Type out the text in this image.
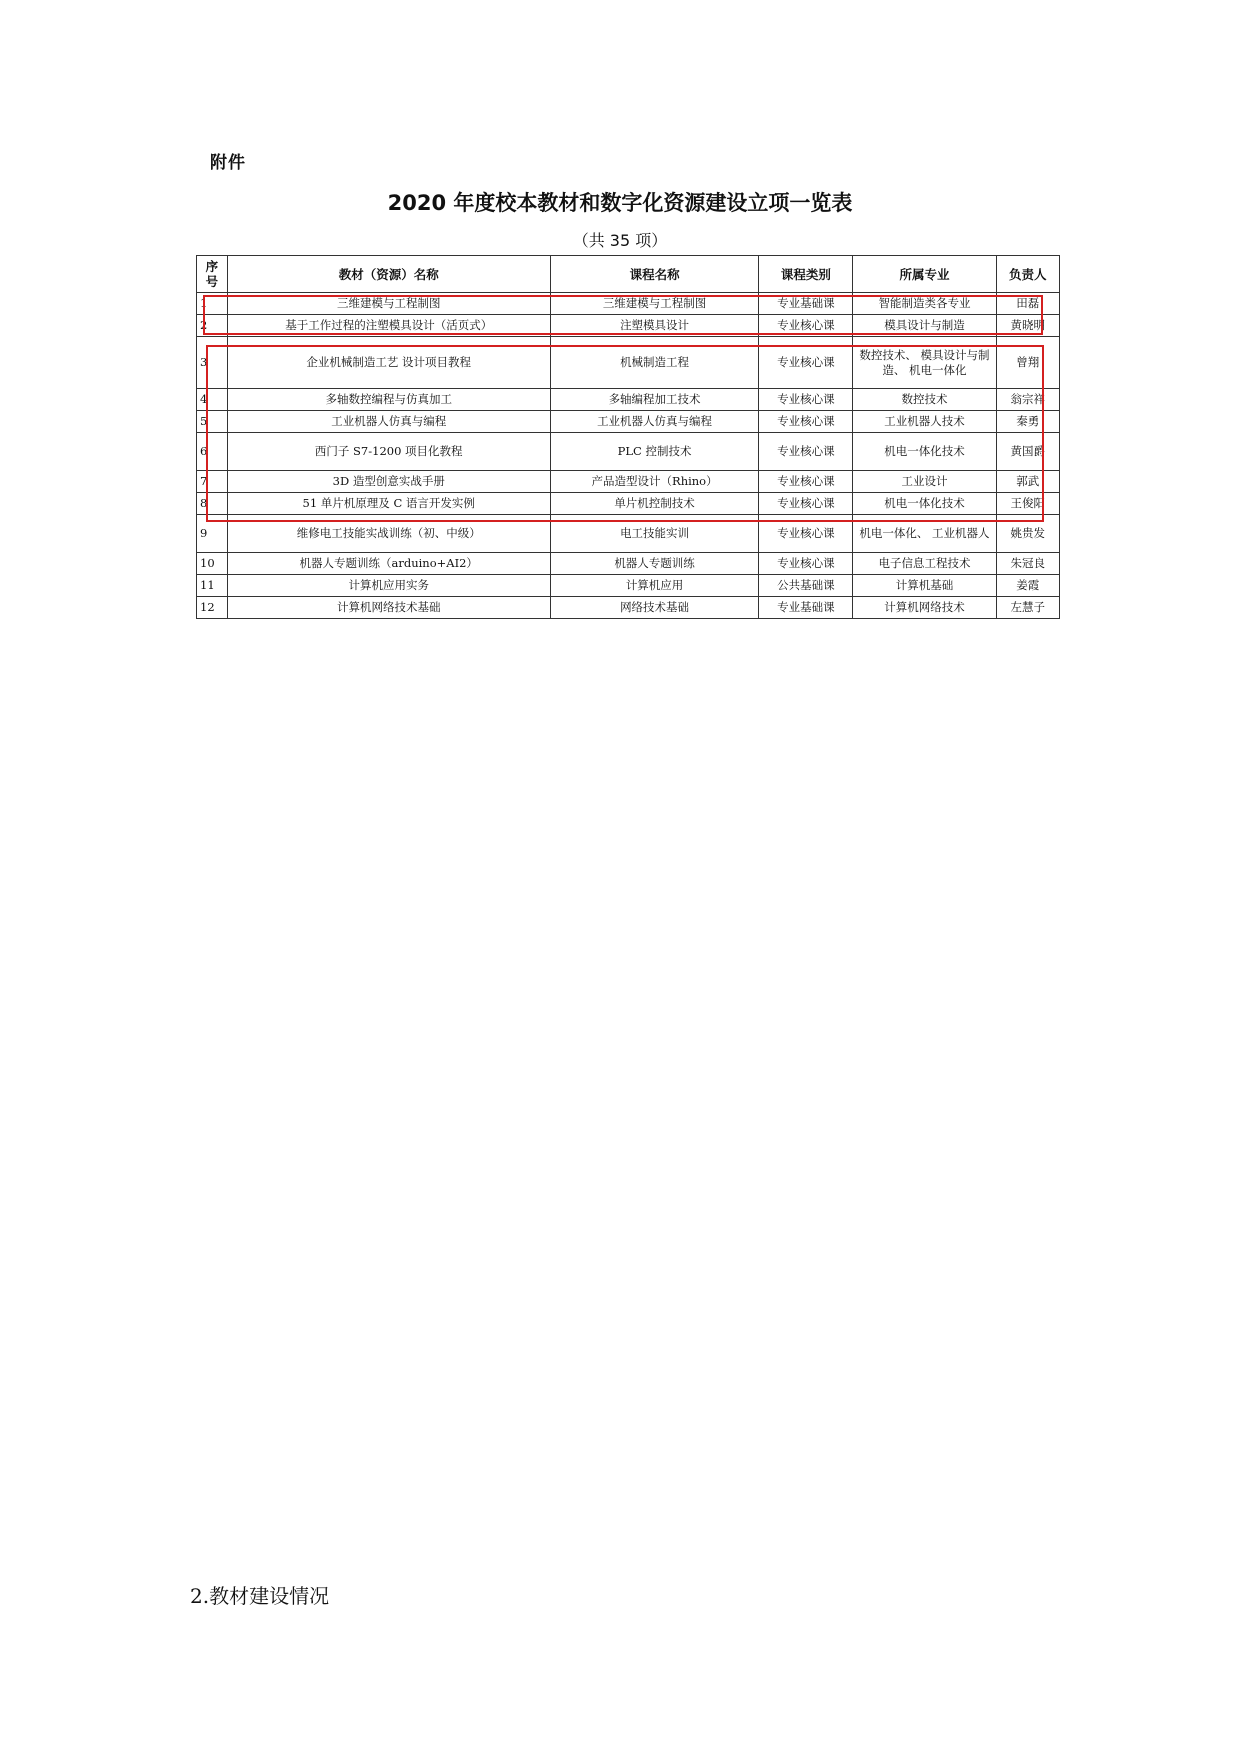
附件
2020 年度校本教材和数字化资源建设立项一览表
（共 35 项）
序号	教材（资源）名称	课程名称	课程类别	所属专业	负责人
1	三维建模与工程制图	三维建模与工程制图	专业基础课	智能制造类各专业	田磊
2	基于工作过程的注塑模具设计（活页式）	注塑模具设计	专业核心课	模具设计与制造	黄晓明
3	企业机械制造工艺 设计项目教程	机械制造工程	专业核心课	数控技术、 模具设计与制造、 机电一体化	曾翔
4	多轴数控编程与仿真加工	多轴编程加工技术	专业核心课	数控技术	翁宗祥
5	工业机器人仿真与编程	工业机器人仿真与编程	专业核心课	工业机器人技术	秦勇
6	西门子 S7-1200 项目化教程	PLC 控制技术	专业核心课	机电一体化技术	黄国爵
7	3D 造型创意实战手册	产品造型设计（Rhino）	专业核心课	工业设计	郭武
8	51 单片机原理及 C 语言开发实例	单片机控制技术	专业核心课	机电一体化技术	王俊阳
9	维修电工技能实战训练（初、中级）	电工技能实训	专业核心课	机电一体化、 工业机器人	姚贵发
10	机器人专题训练（arduino+AI2）	机器人专题训练	专业核心课	电子信息工程技术	朱冠良
11	计算机应用实务	计算机应用	公共基础课	计算机基础	姜霞
12	计算机网络技术基础	网络技术基础	专业基础课	计算机网络技术	左慧子
2.教材建设情况
